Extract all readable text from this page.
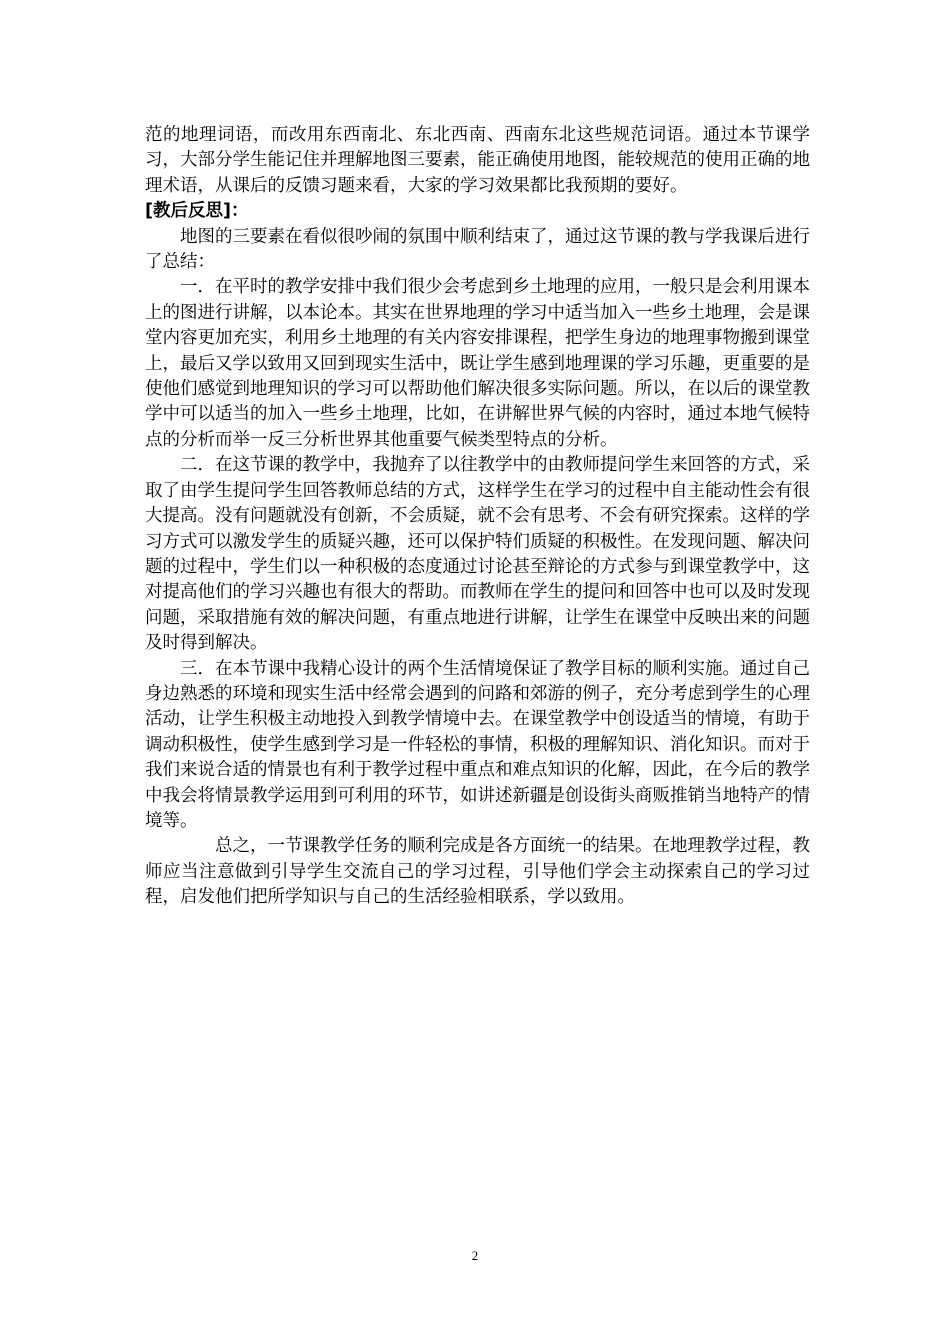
范的地理词语，而改用东西南北、东北西南、西南东北这些规范词语。通过本节课学习，大部分学生能记住并理解地图三要素，能正确使用地图，能较规范的使用正确的地理术语，从课后的反馈习题来看，大家的学习效果都比我预期的要好。

[教后反思]：

地图的三要素在看似很吵闹的氛围中顺利结束了，通过这节课的教与学我课后进行了总结：

一．在平时的教学安排中我们很少会考虑到乡土地理的应用，一般只是会利用课本上的图进行讲解，以本论本。其实在世界地理的学习中适当加入一些乡土地理，会是课堂内容更加充实，利用乡土地理的有关内容安排课程，把学生身边的地理事物搬到课堂上，最后又学以致用又回到现实生活中，既让学生感到地理课的学习乐趣，更重要的是使他们感觉到地理知识的学习可以帮助他们解决很多实际问题。所以，在以后的课堂教学中可以适当的加入一些乡土地理，比如，在讲解世界气候的内容时，通过本地气候特点的分析而举一反三分析世界其他重要气候类型特点的分析。

二．在这节课的教学中，我抛弃了以往教学中的由教师提问学生来回答的方式，采取了由学生提问学生回答教师总结的方式，这样学生在学习的过程中自主能动性会有很大提高。没有问题就没有创新，不会质疑，就不会有思考、不会有研究探索。这样的学习方式可以激发学生的质疑兴趣，还可以保护特们质疑的积极性。在发现问题、解决问题的过程中，学生们以一种积极的态度通过讨论甚至辩论的方式参与到课堂教学中，这对提高他们的学习兴趣也有很大的帮助。而教师在学生的提问和回答中也可以及时发现问题，采取措施有效的解决问题，有重点地进行讲解，让学生在课堂中反映出来的问题及时得到解决。

三．在本节课中我精心设计的两个生活情境保证了教学目标的顺利实施。通过自己身边熟悉的环境和现实生活中经常会遇到的问路和郊游的例子，充分考虑到学生的心理活动，让学生积极主动地投入到教学情境中去。在课堂教学中创设适当的情境，有助于调动积极性，使学生感到学习是一件轻松的事情，积极的理解知识、消化知识。而对于我们来说合适的情景也有利于教学过程中重点和难点知识的化解，因此，在今后的教学中我会将情景教学运用到可利用的环节，如讲述新疆是创设街头商贩推销当地特产的情境等。

总之，一节课教学任务的顺利完成是各方面统一的结果。在地理教学过程，教师应当注意做到引导学生交流自己的学习过程，引导他们学会主动探索自己的学习过程，启发他们把所学知识与自己的生活经验相联系，学以致用。

2
